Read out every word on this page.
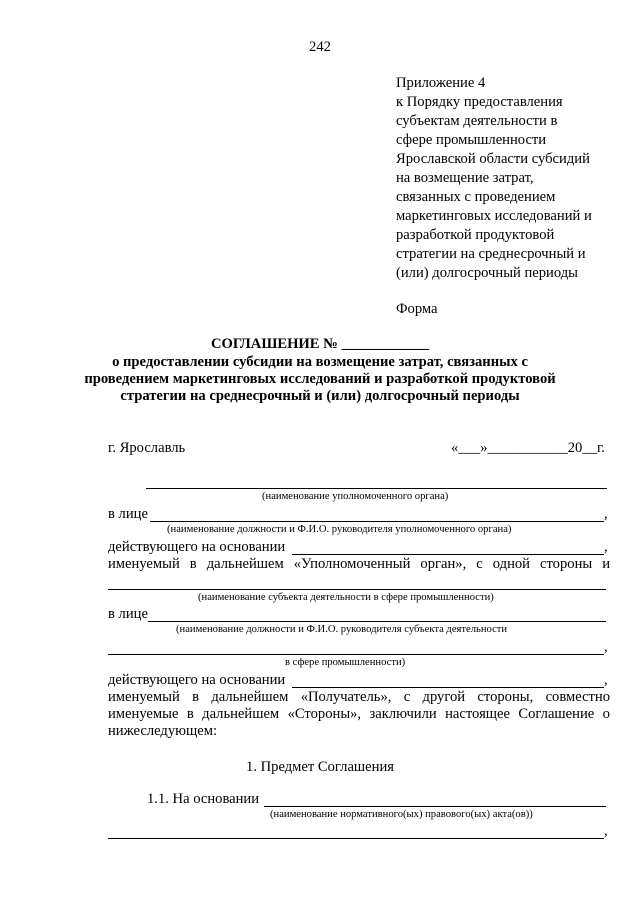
242
Приложение 4
к Порядку предоставления
субъектам деятельности в
сфере промышленности
Ярославской области субсидий
на возмещение затрат,
связанных с проведением
маркетинговых исследований и
разработкой продуктовой
стратегии на среднесрочный и
(или) долгосрочный периоды
Форма
СОГЛАШЕНИЕ № ____________
о предоставлении субсидии на возмещение затрат, связанных с
проведением маркетинговых исследований и разработкой продуктовой
стратегии на среднесрочный и (или) долгосрочный периоды
г. Ярославль	«___»___________20__г.
(наименование уполномоченного органа)
в лице	,
(наименование должности и Ф.И.О. руководителя уполномоченного органа)
действующего на основании	,
именуемый в дальнейшем «Уполномоченный орган», с одной стороны и
(наименование субъекта деятельности в сфере промышленности)
в лице
(наименование должности и Ф.И.О. руководителя субъекта деятельности
,
в сфере промышленности)
действующего на основании	,
именуемый в дальнейшем «Получатель», с другой стороны, совместно
именуемые в дальнейшем «Стороны», заключили настоящее Соглашение о
нижеследующем:
1. Предмет Соглашения
1.1. На основании
(наименование нормативного(ых) правового(ых) акта(ов))
,
